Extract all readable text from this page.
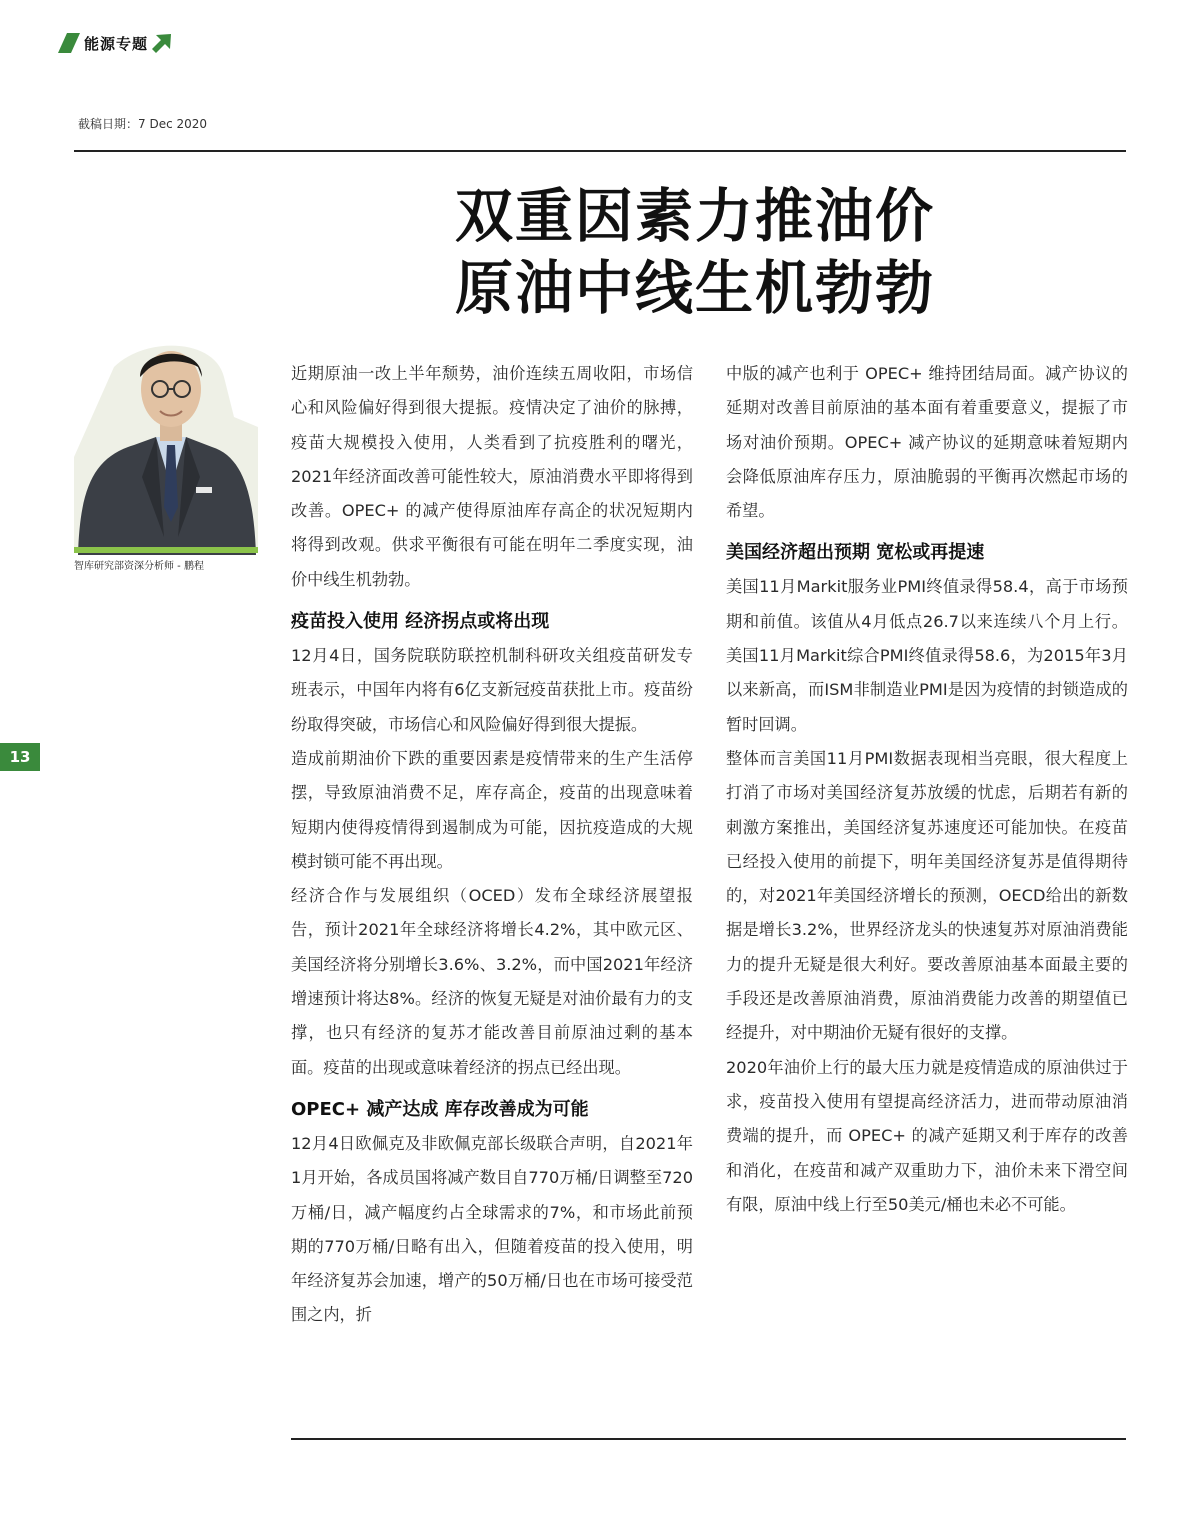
能源专题
截稿日期：7 Dec 2020
双重因素力推油价
原油中线生机勃勃
智库研究部资深分析师 - 鹏程
13

近期原油一改上半年颓势，油价连续五周收阳，市场信心和风险偏好得到很大提振。疫情决定了油价的脉搏，疫苗大规模投入使用，人类看到了抗疫胜利的曙光，2021年经济面改善可能性较大，原油消费水平即将得到改善。OPEC+ 的减产使得原油库存高企的状况短期内将得到改观。供求平衡很有可能在明年二季度实现，油价中线生机勃勃。

疫苗投入使用 经济拐点或将出现

12月4日，国务院联防联控机制科研攻关组疫苗研发专班表示，中国年内将有6亿支新冠疫苗获批上市。疫苗纷纷取得突破，市场信心和风险偏好得到很大提振。

造成前期油价下跌的重要因素是疫情带来的生产生活停摆，导致原油消费不足，库存高企，疫苗的出现意味着短期内使得疫情得到遏制成为可能，因抗疫造成的大规模封锁可能不再出现。

经济合作与发展组织（OCED）发布全球经济展望报告，预计2021年全球经济将增长4.2%，其中欧元区、美国经济将分别增长3.6%、3.2%，而中国2021年经济增速预计将达8%。经济的恢复无疑是对油价最有力的支撑，也只有经济的复苏才能改善目前原油过剩的基本面。疫苗的出现或意味着经济的拐点已经出现。

OPEC+ 减产达成 库存改善成为可能

12月4日欧佩克及非欧佩克部长级联合声明，自2021年1月开始，各成员国将减产数目自770万桶/日调整至720万桶/日，减产幅度约占全球需求的7%，和市场此前预期的770万桶/日略有出入，但随着疫苗的投入使用，明年经济复苏会加速，增产的50万桶/日也在市场可接受范围之内，折

中版的减产也利于 OPEC+ 维持团结局面。减产协议的延期对改善目前原油的基本面有着重要意义，提振了市场对油价预期。OPEC+ 减产协议的延期意味着短期内会降低原油库存压力，原油脆弱的平衡再次燃起市场的希望。

美国经济超出预期 宽松或再提速

美国11月Markit服务业PMI终值录得58.4，高于市场预期和前值。该值从4月低点26.7以来连续八个月上行。美国11月Markit综合PMI终值录得58.6，为2015年3月以来新高，而ISM非制造业PMI是因为疫情的封锁造成的暂时回调。

整体而言美国11月PMI数据表现相当亮眼，很大程度上打消了市场对美国经济复苏放缓的忧虑，后期若有新的刺激方案推出，美国经济复苏速度还可能加快。在疫苗已经投入使用的前提下，明年美国经济复苏是值得期待的，对2021年美国经济增长的预测，OECD给出的新数据是增长3.2%，世界经济龙头的快速复苏对原油消费能力的提升无疑是很大利好。要改善原油基本面最主要的手段还是改善原油消费，原油消费能力改善的期望值已经提升，对中期油价无疑有很好的支撑。

2020年油价上行的最大压力就是疫情造成的原油供过于求，疫苗投入使用有望提高经济活力，进而带动原油消费端的提升，而 OPEC+ 的减产延期又利于库存的改善和消化，在疫苗和减产双重助力下，油价未来下滑空间有限，原油中线上行至50美元/桶也未必不可能。
